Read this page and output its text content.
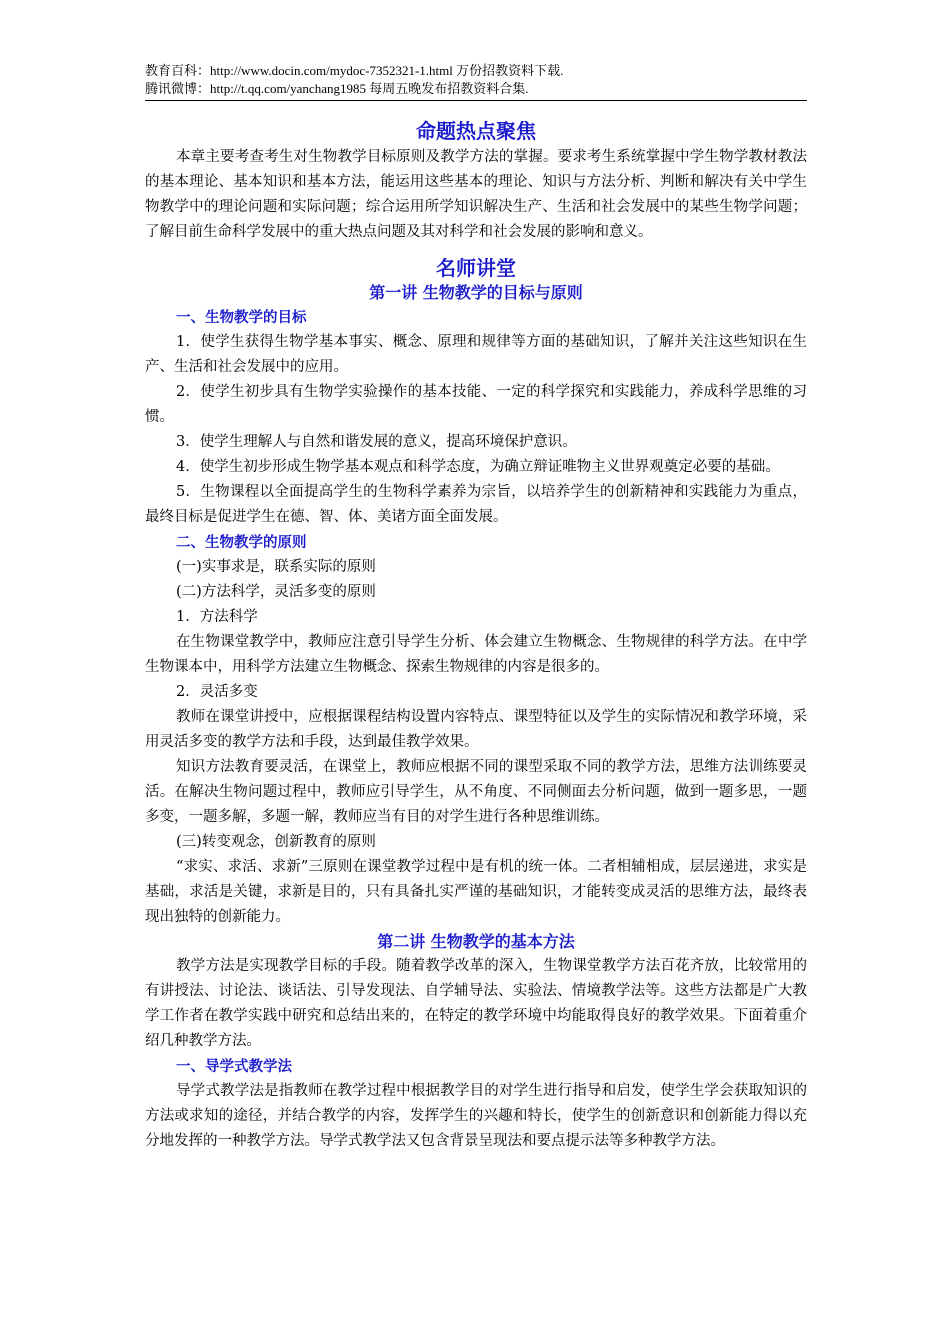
教育百科：http://www.docin.com/mydoc-7352321-1.html 万份招教资料下载.
腾讯微博：http://t.qq.com/yanchang1985 每周五晚发布招教资料合集.
命题热点聚焦

本章主要考查考生对生物教学目标原则及教学方法的掌握。要求考生系统掌握中学生物学教材教法的基本理论、基本知识和基本方法，能运用这些基本的理论、知识与方法分析、判断和解决有关中学生物教学中的理论问题和实际问题；综合运用所学知识解决生产、生活和社会发展中的某些生物学问题；了解目前生命科学发展中的重大热点问题及其对科学和社会发展的影响和意义。

名师讲堂
第一讲 生物教学的目标与原则
一、生物教学的目标

1．使学生获得生物学基本事实、概念、原理和规律等方面的基础知识，了解并关注这些知识在生产、生活和社会发展中的应用。

2．使学生初步具有生物学实验操作的基本技能、一定的科学探究和实践能力，养成科学思维的习惯。

3．使学生理解人与自然和谐发展的意义，提高环境保护意识。

4．使学生初步形成生物学基本观点和科学态度，为确立辩证唯物主义世界观奠定必要的基础。

5．生物课程以全面提高学生的生物科学素养为宗旨，以培养学生的创新精神和实践能力为重点，最终目标是促进学生在德、智、体、美诸方面全面发展。

二、生物教学的原则

(一)实事求是，联系实际的原则

(二)方法科学，灵活多变的原则

1．方法科学

在生物课堂教学中，教师应注意引导学生分析、体会建立生物概念、生物规律的科学方法。在中学生物课本中，用科学方法建立生物概念、探索生物规律的内容是很多的。

2．灵活多变

教师在课堂讲授中，应根据课程结构设置内容特点、课型特征以及学生的实际情况和教学环境，采用灵活多变的教学方法和手段，达到最佳教学效果。

知识方法教育要灵活，在课堂上，教师应根据不同的课型采取不同的教学方法，思维方法训练要灵活。在解决生物问题过程中，教师应引导学生，从不角度、不同侧面去分析问题，做到一题多思，一题多变，一题多解，多题一解，教师应当有目的对学生进行各种思维训练。

(三)转变观念，创新教育的原则

“求实、求活、求新”三原则在课堂教学过程中是有机的统一体。二者相辅相成，层层递进，求实是基础，求活是关键，求新是目的，只有具备扎实严谨的基础知识，才能转变成灵活的思维方法，最终表现出独特的创新能力。

第二讲 生物教学的基本方法

教学方法是实现教学目标的手段。随着教学改革的深入，生物课堂教学方法百花齐放，比较常用的有讲授法、讨论法、谈话法、引导发现法、自学辅导法、实验法、情境教学法等。这些方法都是广大教学工作者在教学实践中研究和总结出来的，在特定的教学环境中均能取得良好的教学效果。下面着重介绍几种教学方法。

一、导学式教学法

导学式教学法是指教师在教学过程中根据教学目的对学生进行指导和启发，使学生学会获取知识的方法或求知的途径，并结合教学的内容，发挥学生的兴趣和特长，使学生的创新意识和创新能力得以充分地发挥的一种教学方法。导学式教学法又包含背景呈现法和要点提示法等多种教学方法。
